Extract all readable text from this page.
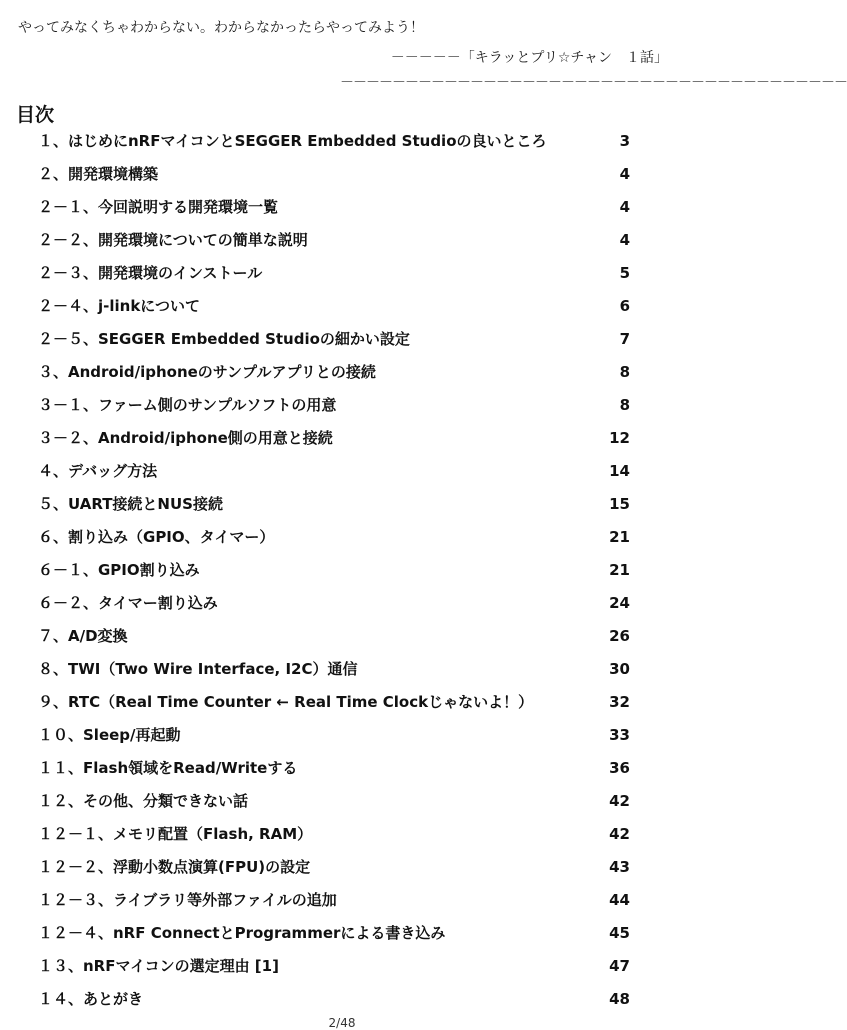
やってみなくちゃわからない。わからなかったらやってみよう！
－－－－－「キラッとプリ☆チャン　１話」
－－－－－－－－－－－－－－－－－－－－－－－－－－－－－－－－－－－－－－－
目次
１、はじめにnRFマイコンとSEGGER Embedded Studioの良いところ	3
２、開発環境構築	4
２－１、今回説明する開発環境一覧	4
２－２、開発環境についての簡単な説明	4
２－３、開発環境のインストール	5
２－４、j-linkについて	6
２－５、SEGGER Embedded Studioの細かい設定	7
３、Android/iphoneのサンプルアプリとの接続	8
３－１、ファーム側のサンプルソフトの用意	8
３－２、Android/iphone側の用意と接続	12
４、デバッグ方法	14
５、UART接続とNUS接続	15
６、割り込み（GPIO、タイマー）	21
６－１、GPIO割り込み	21
６－２、タイマー割り込み	24
７、A/D変換	26
８、TWI（Two Wire Interface, I2C）通信	30
９、RTC（Real Time Counter ← Real Time Clockじゃないよ！）	32
１０、Sleep/再起動	33
１１、Flash領域をRead/Writeする	36
１２、その他、分類できない話	42
１２－１、メモリ配置（Flash, RAM）	42
１２－２、浮動小数点演算(FPU)の設定	43
１２－３、ライブラリ等外部ファイルの追加	44
１２－４、nRF ConnectとProgrammerによる書き込み	45
１３、nRFマイコンの選定理由 [1]	47
１４、あとがき	48
2/48
